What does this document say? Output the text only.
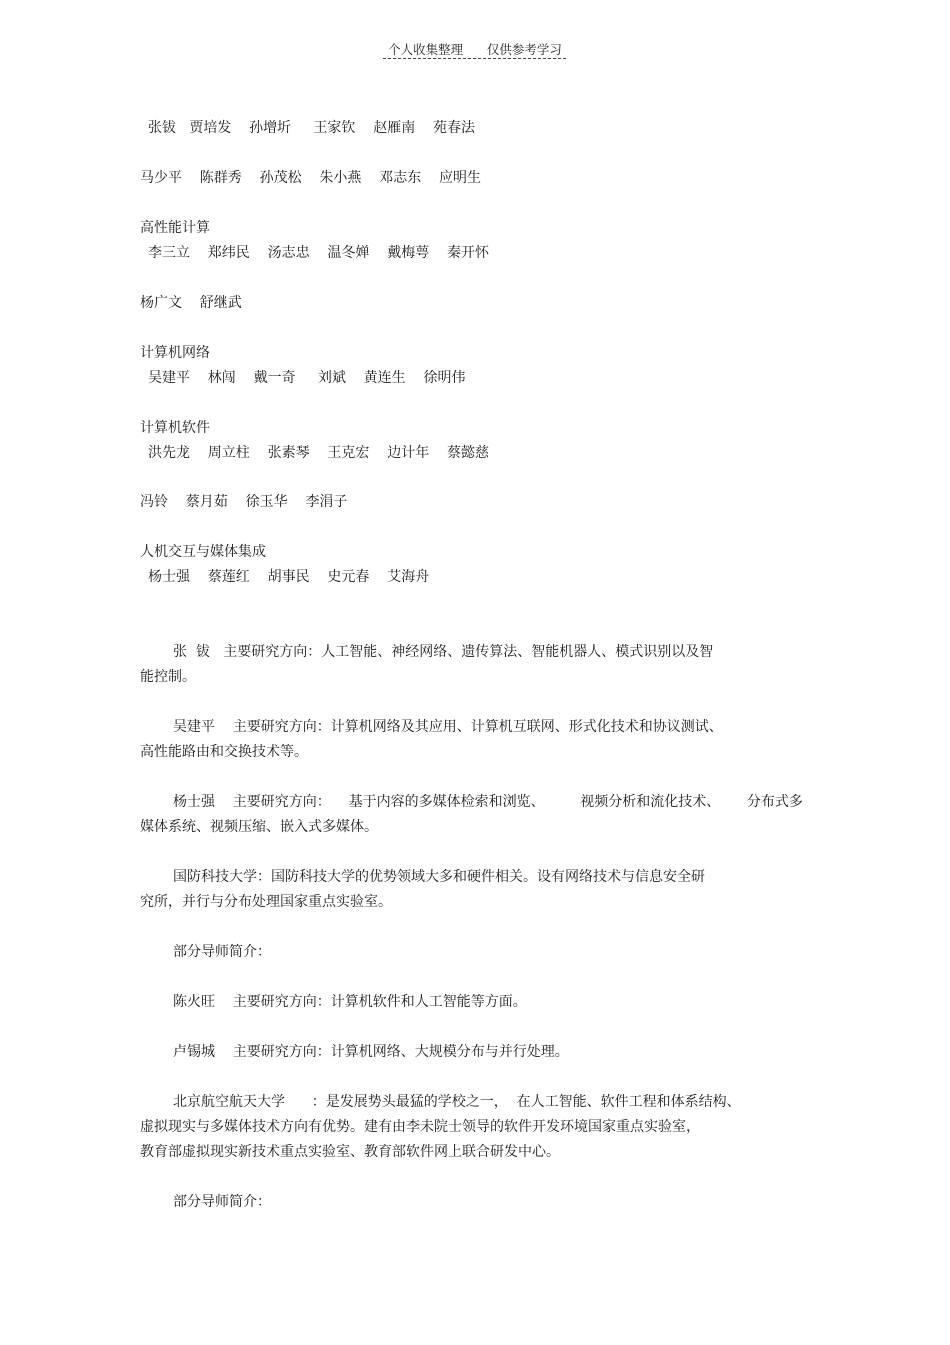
个人收集整理      仅供参考学习
张钹   贾培发    孙增圻     王家钦    赵雁南    苑春法
马少平    陈群秀    孙茂松    朱小燕    邓志东    应明生
高性能计算
李三立    郑纬民    汤志忠    温冬婵    戴梅萼    秦开怀
杨广文    舒继武
计算机网络
吴建平    林闯    戴一奇     刘斌    黄连生    徐明伟
计算机软件
洪先龙    周立柱    张素琴    王克宏    边计年    蔡懿慈
冯铃    蔡月茹    徐玉华    李涓子
人机交互与媒体集成
杨士强    蔡莲红    胡事民    史元春    艾海舟
张  钹   主要研究方向：人工智能、神经网络、遗传算法、智能机器人、模式识别以及智
能控制。
吴建平    主要研究方向：计算机网络及其应用、计算机互联网、形式化技术和协议测试、
高性能路由和交换技术等。
杨士强    主要研究方向：    基于内容的多媒体检索和浏览、        视频分析和流化技术、      分布式多
媒体系统、视频压缩、嵌入式多媒体。
国防科技大学：国防科技大学的优势领域大多和硬件相关。设有网络技术与信息安全研
究所，并行与分布处理国家重点实验室。
部分导师简介：
陈火旺    主要研究方向：计算机软件和人工智能等方面。
卢锡城    主要研究方向：计算机网络、大规模分布与并行处理。
北京航空航天大学      ：是发展势头最猛的学校之一，  在人工智能、软件工程和体系结构、
虚拟现实与多媒体技术方向有优势。建有由李未院士领导的软件开发环境国家重点实验室，
教育部虚拟现实新技术重点实验室、教育部软件网上联合研发中心。
部分导师简介：
